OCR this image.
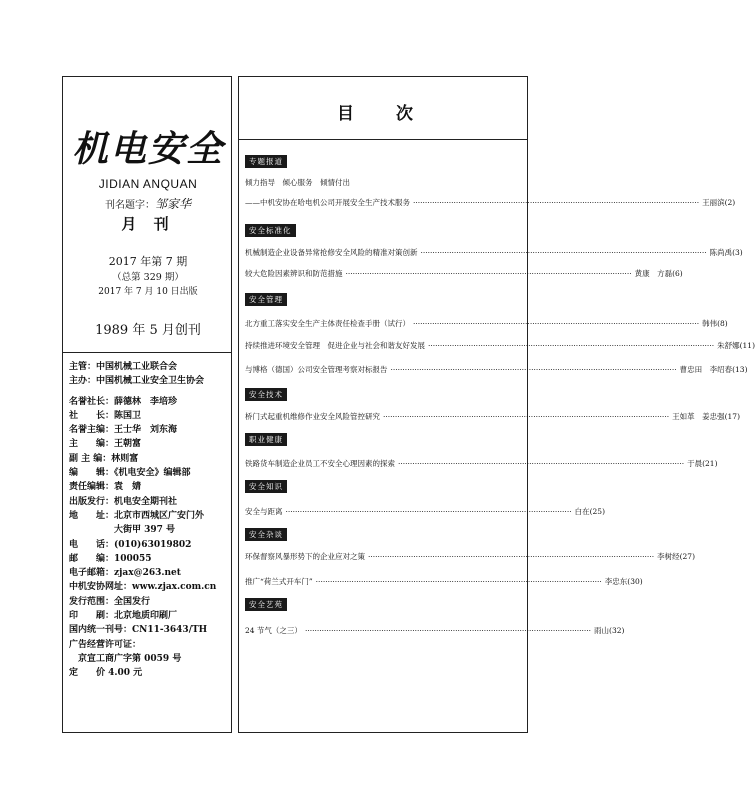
机电安全
JIDIAN ANQUAN
刊名题字：邹家华
月 刊
2017 年第 7 期
（总第 329 期）
2017 年 7 月 10 日出版
1989 年 5 月创刊
主管：中国机械工业联合会
主办：中国机械工业安全卫生协会
名誉社长：薛德林　李培珍
社　　长：陈国卫
名誉主编：王士华　刘东海
主　　编：王朝富
副 主 编：林则富
编　　辑：《机电安全》编辑部
责任编辑：袁　婧
出版发行：机电安全期刊社
地　　址：北京市西城区广安门外
　　　　　大街甲 397 号
电　　话：(010)63019802
邮　　编：100055
电子邮箱：zjax@263.net
中机安协网址：www.zjax.com.cn
发行范围：全国发行
印　　刷：北京地质印刷厂
国内统一刊号：CN11-3643/TH
广告经营许可证：
　京宣工商广字第 0059 号
定　　价 4.00 元
目 次
专题报道
倾力指导　倾心服务　倾情付出
——中机安协在哈电机公司开展安全生产技术服务 ························································································································ 王丽滨(2)
安全标准化
机械制造企业设备异常抢修安全风险的精准对策创新 ························································································································ 陈尚禹(3)
较大危险因素辨识和防范措施 ························································································································ 黄康　方磊(6)
安全管理
北方重工落实安全生产主体责任检查手册（试行） ························································································································ 韩伟(8)
持续推进环境安全管理　促进企业与社会和谐友好发展 ························································································································ 朱舒娜(11)
与博格（德国）公司安全管理考察对标报告 ························································································································ 曹忠田　李绍春(13)
安全技术
桥门式起重机维修作业安全风险管控研究 ························································································································ 王如革　姜忠强(17)
职业健康
铁路货车制造企业员工不安全心理因素的探索 ························································································································ 于晨(21)
安全知识
安全与距离 ························································································································ 白在(25)
安全杂谈
环保督察风暴形势下的企业应对之策 ························································································································ 李树经(27)
推广“荷兰式开车门” ························································································································ 李忠东(30)
安全艺苑
24 节气（之三） ························································································································ 雨山(32)
